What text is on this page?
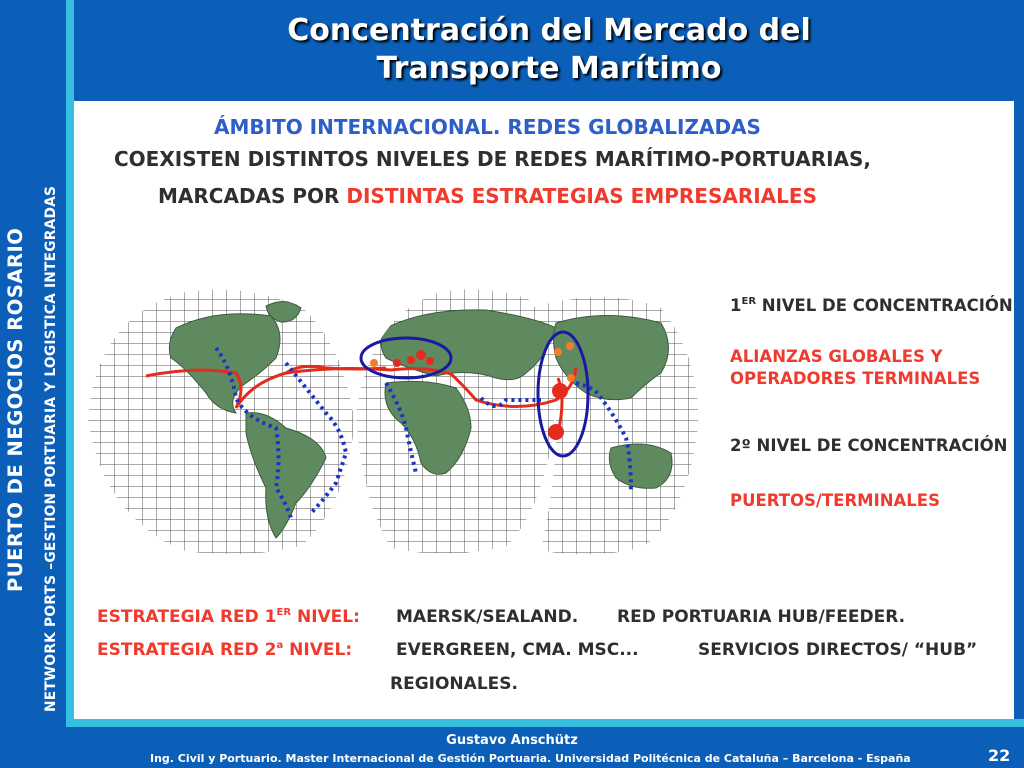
PUERTO DE NEGOCIOS ROSARIO NETWORK PORTS –GESTION PORTUARIA Y LOGISTICA INTEGRADAS
Concentración del Mercado del
Transporte Marítimo
ÁMBITO INTERNACIONAL. REDES GLOBALIZADAS
COEXISTEN DISTINTOS NIVELES DE REDES MARÍTIMO-PORTUARIAS,
MARCADAS POR DISTINTAS ESTRATEGIAS EMPRESARIALES
1ER NIVEL DE CONCENTRACIÓN
ALIANZAS GLOBALES Y OPERADORES TERMINALES
2º NIVEL DE CONCENTRACIÓN
PUERTOS/TERMINALES
ESTRATEGIA RED 1ER NIVEL: MAERSK/SEALAND. RED PORTUARIA HUB/FEEDER.
ESTRATEGIA RED 2$^a$ NIVEL:	EVERGREEN, CMA. MSC...	SERVICIOS DIRECTOS/ “HUB”
REGIONALES.
Gustavo Anschütz
Ing. Civil y Portuario. Master Internacional de Gestión Portuaria. Universidad Politécnica de Cataluña – Barcelona - España	22
